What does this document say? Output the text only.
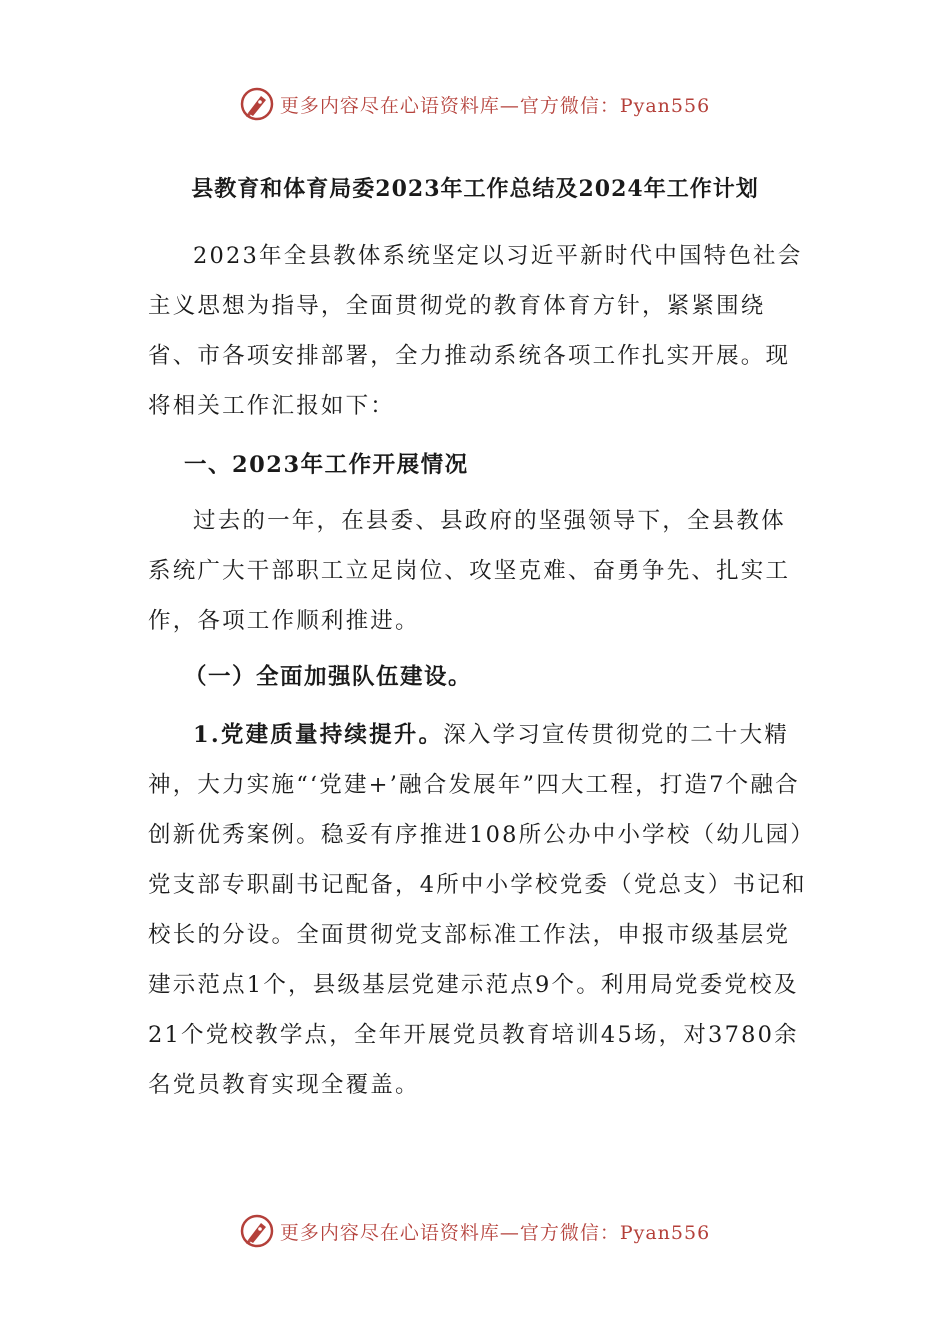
更多内容尽在心语资料库—官方微信：Pyan556
县教育和体育局委2023年工作总结及2024年工作计划

2023年全县教体系统坚定以习近平新时代中国特色社会主义思想为指导，全面贯彻党的教育体育方针，紧紧围绕省、市各项安排部署，全力推动系统各项工作扎实开展。现将相关工作汇报如下：

一、2023年工作开展情况

过去的一年，在县委、县政府的坚强领导下，全县教体系统广大干部职工立足岗位、攻坚克难、奋勇争先、扎实工作，各项工作顺利推进。

（一）全面加强队伍建设。

1.党建质量持续提升。深入学习宣传贯彻党的二十大精神，大力实施“‘党建+’融合发展年”四大工程，打造7个融合创新优秀案例。稳妥有序推进108所公办中小学校（幼儿园）党支部专职副书记配备，4所中小学校党委（党总支）书记和校长的分设。全面贯彻党支部标准工作法，申报市级基层党建示范点1个，县级基层党建示范点9个。利用局党委党校及21个党校教学点，全年开展党员教育培训45场，对3780余名党员教育实现全覆盖。

更多内容尽在心语资料库—官方微信：Pyan556
